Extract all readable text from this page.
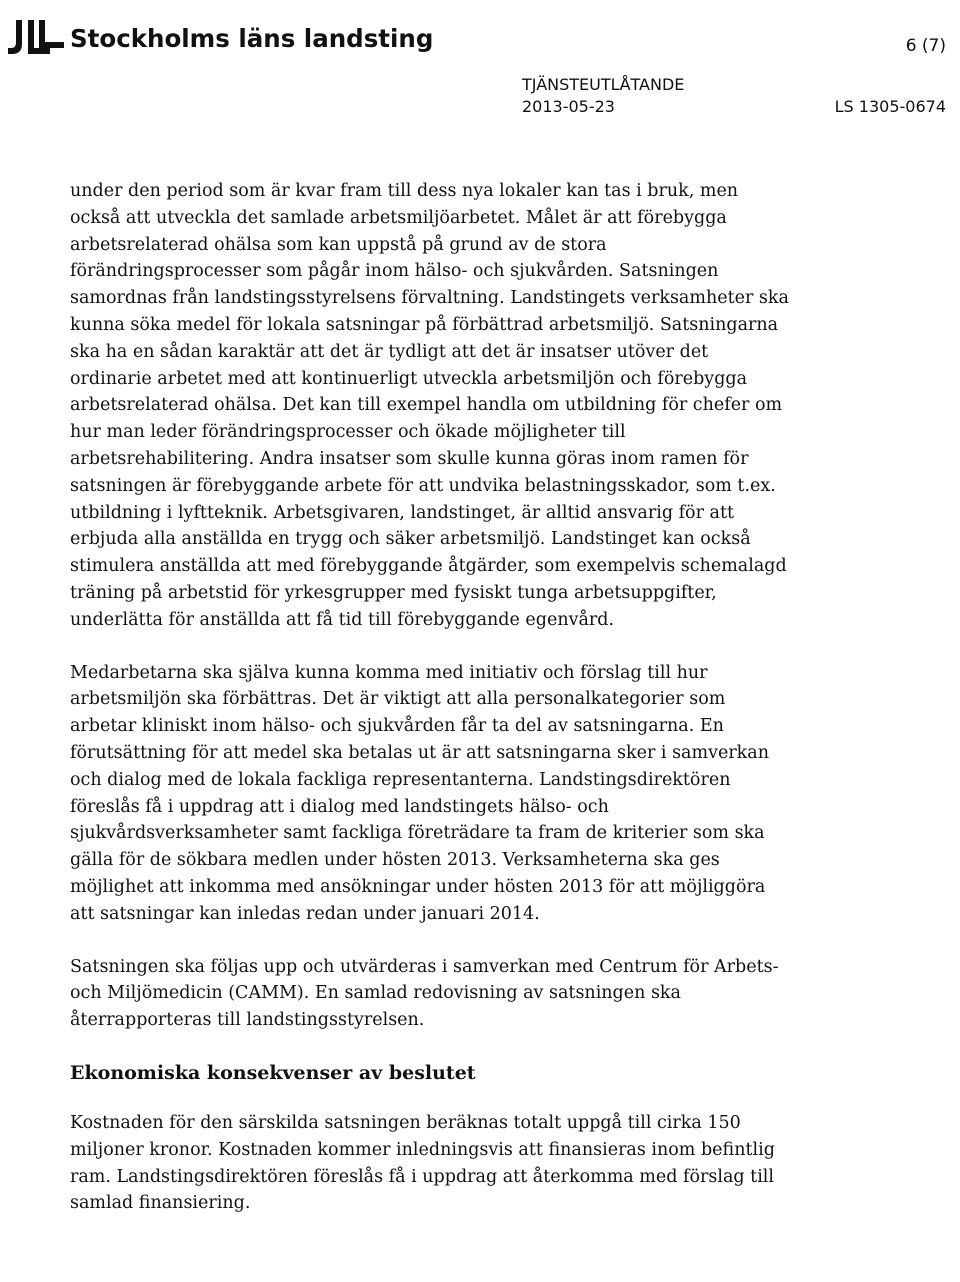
Stockholms läns landsting	6 (7)
TJÄNSTEUTLÅTANDE
2013-05-23	LS 1305-0674

under den period som är kvar fram till dess nya lokaler kan tas i bruk, men också att utveckla det samlade arbetsmiljöarbetet. Målet är att förebygga arbetsrelaterad ohälsa som kan uppstå på grund av de stora förändringsprocesser som pågår inom hälso- och sjukvården. Satsningen samordnas från landstingsstyrelsens förvaltning. Landstingets verksamheter ska kunna söka medel för lokala satsningar på förbättrad arbetsmiljö. Satsningarna ska ha en sådan karaktär att det är tydligt att det är insatser utöver det ordinarie arbetet med att kontinuerligt utveckla arbetsmiljön och förebygga arbetsrelaterad ohälsa. Det kan till exempel handla om utbildning för chefer om hur man leder förändringsprocesser och ökade möjligheter till arbetsrehabilitering. Andra insatser som skulle kunna göras inom ramen för satsningen är förebyggande arbete för att undvika belastningsskador, som t.ex. utbildning i lyftteknik. Arbetsgivaren, landstinget, är alltid ansvarig för att erbjuda alla anställda en trygg och säker arbetsmiljö. Landstinget kan också stimulera anställda att med förebyggande åtgärder, som exempelvis schemalagd träning på arbetstid för yrkesgrupper med fysiskt tunga arbetsuppgifter, underlätta för anställda att få tid till förebyggande egenvård.

Medarbetarna ska själva kunna komma med initiativ och förslag till hur arbetsmiljön ska förbättras. Det är viktigt att alla personalkategorier som arbetar kliniskt inom hälso- och sjukvården får ta del av satsningarna. En förutsättning för att medel ska betalas ut är att satsningarna sker i samverkan och dialog med de lokala fackliga representanterna. Landstingsdirektören föreslås få i uppdrag att i dialog med landstingets hälso- och sjukvårdsverksamheter samt fackliga företrädare ta fram de kriterier som ska gälla för de sökbara medlen under hösten 2013. Verksamheterna ska ges möjlighet att inkomma med ansökningar under hösten 2013 för att möjliggöra att satsningar kan inledas redan under januari 2014.

Satsningen ska följas upp och utvärderas i samverkan med Centrum för Arbets- och Miljömedicin (CAMM). En samlad redovisning av satsningen ska återrapporteras till landstingsstyrelsen.

Ekonomiska konsekvenser av beslutet

Kostnaden för den särskilda satsningen beräknas totalt uppgå till cirka 150 miljoner kronor. Kostnaden kommer inledningsvis att finansieras inom befintlig ram. Landstingsdirektören föreslås få i uppdrag att återkomma med förslag till samlad finansiering.
